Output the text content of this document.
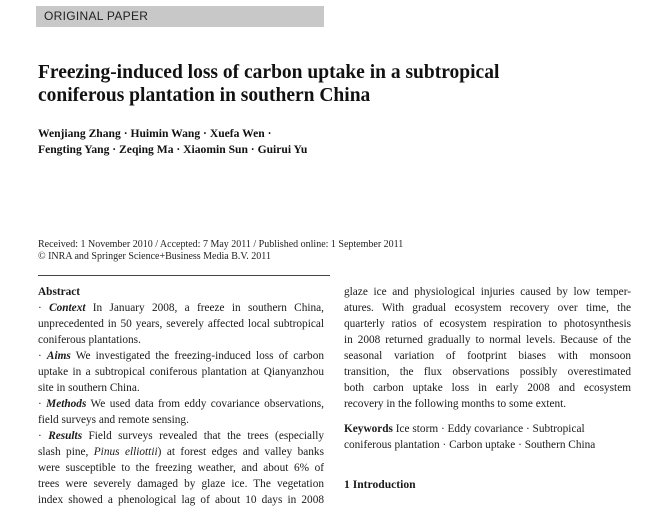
ORIGINAL PAPER
Freezing-induced loss of carbon uptake in a subtropical
coniferous plantation in southern China
Wenjiang Zhang · Huimin Wang · Xuefa Wen ·
Fengting Yang · Zeqing Ma · Xiaomin Sun · Guirui Yu
Received: 1 November 2010 / Accepted: 7 May 2011 / Published online: 1 September 2011
© INRA and Springer Science+Business Media B.V. 2011
Abstract
· Context In January 2008, a freeze in southern China,
unprecedented in 50 years, severely affected local subtropical
coniferous plantations.
· Aims We investigated the freezing-induced loss of carbon
uptake in a subtropical coniferous plantation at Qianyanzhou
site in southern China.
· Methods We used data from eddy covariance observations,
field surveys and remote sensing.
· Results Field surveys revealed that the trees (especially
slash pine, Pinus elliottii) at forest edges and valley banks
were susceptible to the freezing weather, and about 6% of
trees were severely damaged by glaze ice. The vegetation
index showed a phenological lag of about 10 days in 2008
glaze ice and physiological injuries caused by low temper-
atures. With gradual ecosystem recovery over time, the
quarterly ratios of ecosystem respiration to photosynthesis
in 2008 returned gradually to normal levels. Because of the
seasonal variation of footprint biases with monsoon
transition, the flux observations possibly overestimated
both carbon uptake loss in early 2008 and ecosystem
recovery in the following months to some extent.
Keywords Ice storm · Eddy covariance · Subtropical
coniferous plantation · Carbon uptake · Southern China
1 Introduction
